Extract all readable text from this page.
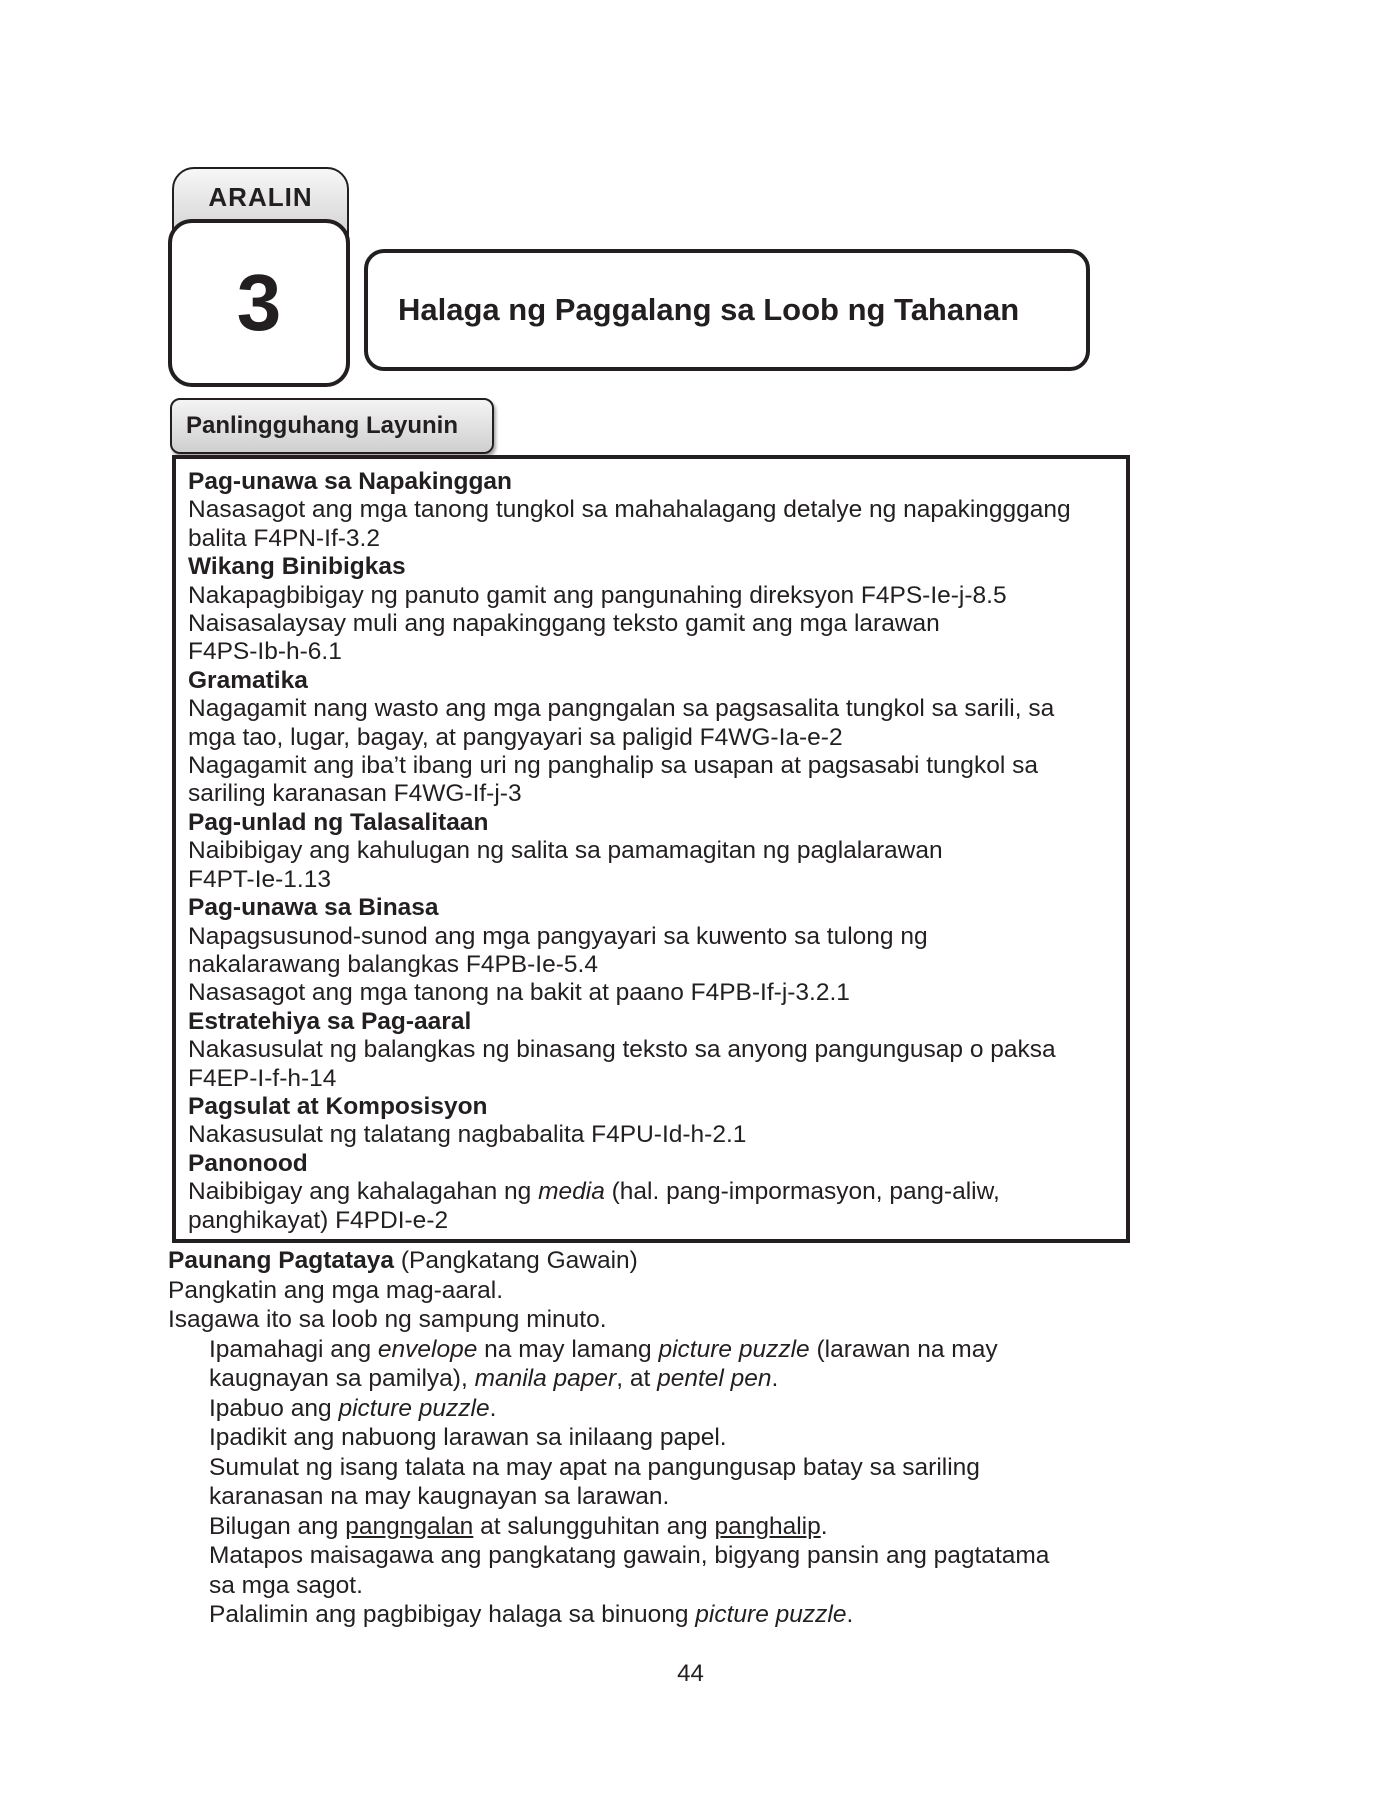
ARALIN
3	Halaga ng Paggalang sa Loob ng Tahanan
Panlingguhang Layunin
Pag-unawa sa Napakinggan
Nasasagot ang mga tanong tungkol sa mahahalagang detalye ng napakingggang
balita F4PN-If-3.2
Wikang Binibigkas
Nakapagbibigay ng panuto gamit ang pangunahing direksyon F4PS-Ie-j-8.5
Naisasalaysay muli ang napakinggang teksto gamit ang mga larawan
F4PS-Ib-h-6.1
Gramatika
Nagagamit nang wasto ang mga pangngalan sa pagsasalita tungkol sa sarili, sa
mga tao, lugar, bagay, at pangyayari sa paligid F4WG-Ia-e-2
Nagagamit ang iba’t ibang uri ng panghalip sa usapan at pagsasabi tungkol sa
sariling karanasan F4WG-If-j-3
Pag-unlad ng Talasalitaan
Naibibigay ang kahulugan ng salita sa pamamagitan ng paglalarawan
F4PT-Ie-1.13
Pag-unawa sa Binasa
Napagsusunod-sunod ang mga pangyayari sa kuwento sa tulong ng
nakalarawang balangkas F4PB-Ie-5.4
Nasasagot ang mga tanong na bakit at paano F4PB-If-j-3.2.1
Estratehiya sa Pag-aaral
Nakasusulat ng balangkas ng binasang teksto sa anyong pangungusap o paksa
F4EP-I-f-h-14
Pagsulat at Komposisyon
Nakasusulat ng talatang nagbabalita F4PU-Id-h-2.1
Panonood
Naibibigay ang kahalagahan ng media (hal. pang-impormasyon, pang-aliw,
panghikayat) F4PDI-e-2
Paunang Pagtataya (Pangkatang Gawain)
Pangkatin ang mga mag-aaral.
Isagawa ito sa loob ng sampung minuto.
Ipamahagi ang envelope na may lamang picture puzzle (larawan na may
kaugnayan sa pamilya), manila paper, at pentel pen.
Ipabuo ang picture puzzle.
Ipadikit ang nabuong larawan sa inilaang papel.
Sumulat ng isang talata na may apat na pangungusap batay sa sariling
karanasan na may kaugnayan sa larawan.
Bilugan ang pangngalan at salungguhitan ang panghalip.
Matapos maisagawa ang pangkatang gawain, bigyang pansin ang pagtatama
sa mga sagot.
Palalimin ang pagbibigay halaga sa binuong picture puzzle.
44
